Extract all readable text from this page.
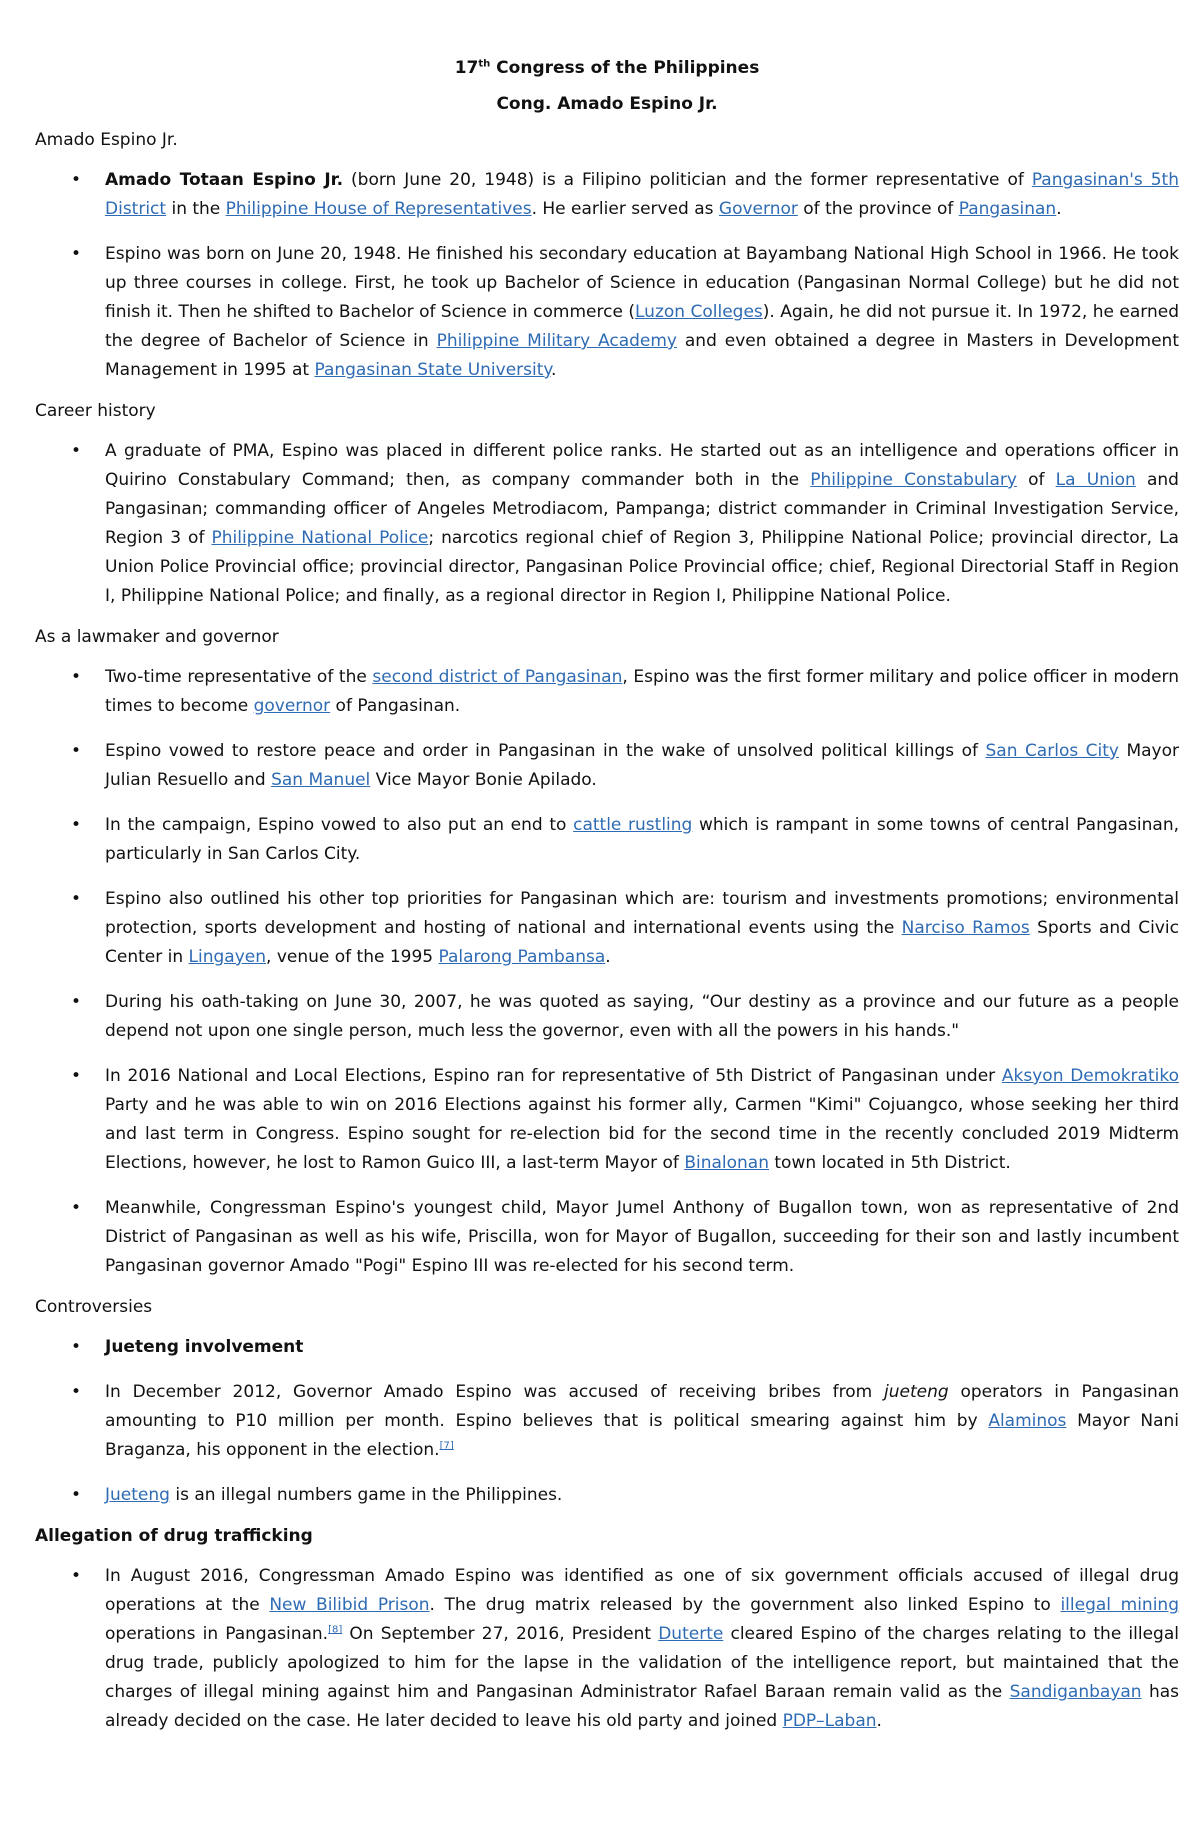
17th Congress of the Philippines

Cong. Amado Espino Jr.

Amado Espino Jr.

• Amado Totaan Espino Jr. (born June 20, 1948) is a Filipino politician and the former representative of Pangasinan's 5th District in the Philippine House of Representatives. He earlier served as Governor of the province of Pangasinan.
• Espino was born on June 20, 1948. He finished his secondary education at Bayambang National High School in 1966. He took up three courses in college. First, he took up Bachelor of Science in education (Pangasinan Normal College) but he did not finish it. Then he shifted to Bachelor of Science in commerce (Luzon Colleges). Again, he did not pursue it. In 1972, he earned the degree of Bachelor of Science in Philippine Military Academy and even obtained a degree in Masters in Development Management in 1995 at Pangasinan State University.

Career history

• A graduate of PMA, Espino was placed in different police ranks. He started out as an intelligence and operations officer in Quirino Constabulary Command; then, as company commander both in the Philippine Constabulary of La Union and Pangasinan; commanding officer of Angeles Metrodiacom, Pampanga; district commander in Criminal Investigation Service, Region 3 of Philippine National Police; narcotics regional chief of Region 3, Philippine National Police; provincial director, La Union Police Provincial office; provincial director, Pangasinan Police Provincial office; chief, Regional Directorial Staff in Region I, Philippine National Police; and finally, as a regional director in Region I, Philippine National Police.

As a lawmaker and governor

• Two-time representative of the second district of Pangasinan, Espino was the first former military and police officer in modern times to become governor of Pangasinan.
• Espino vowed to restore peace and order in Pangasinan in the wake of unsolved political killings of San Carlos City Mayor Julian Resuello and San Manuel Vice Mayor Bonie Apilado.
• In the campaign, Espino vowed to also put an end to cattle rustling which is rampant in some towns of central Pangasinan, particularly in San Carlos City.
• Espino also outlined his other top priorities for Pangasinan which are: tourism and investments promotions; environmental protection, sports development and hosting of national and international events using the Narciso Ramos Sports and Civic Center in Lingayen, venue of the 1995 Palarong Pambansa.
• During his oath-taking on June 30, 2007, he was quoted as saying, “Our destiny as a province and our future as a people depend not upon one single person, much less the governor, even with all the powers in his hands."
• In 2016 National and Local Elections, Espino ran for representative of 5th District of Pangasinan under Aksyon Demokratiko Party and he was able to win on 2016 Elections against his former ally, Carmen "Kimi" Cojuangco, whose seeking her third and last term in Congress. Espino sought for re-election bid for the second time in the recently concluded 2019 Midterm Elections, however, he lost to Ramon Guico III, a last-term Mayor of Binalonan town located in 5th District.
• Meanwhile, Congressman Espino's youngest child, Mayor Jumel Anthony of Bugallon town, won as representative of 2nd District of Pangasinan as well as his wife, Priscilla, won for Mayor of Bugallon, succeeding for their son and lastly incumbent Pangasinan governor Amado "Pogi" Espino III was re-elected for his second term.

Controversies

• Jueteng involvement
• In December 2012, Governor Amado Espino was accused of receiving bribes from jueteng operators in Pangasinan amounting to P10 million per month. Espino believes that is political smearing against him by Alaminos Mayor Nani Braganza, his opponent in the election.[7]
• Jueteng is an illegal numbers game in the Philippines.

Allegation of drug trafficking

• In August 2016, Congressman Amado Espino was identified as one of six government officials accused of illegal drug operations at the New Bilibid Prison. The drug matrix released by the government also linked Espino to illegal mining operations in Pangasinan.[8] On September 27, 2016, President Duterte cleared Espino of the charges relating to the illegal drug trade, publicly apologized to him for the lapse in the validation of the intelligence report, but maintained that the charges of illegal mining against him and Pangasinan Administrator Rafael Baraan remain valid as the Sandiganbayan has already decided on the case. He later decided to leave his old party and joined PDP–Laban.
